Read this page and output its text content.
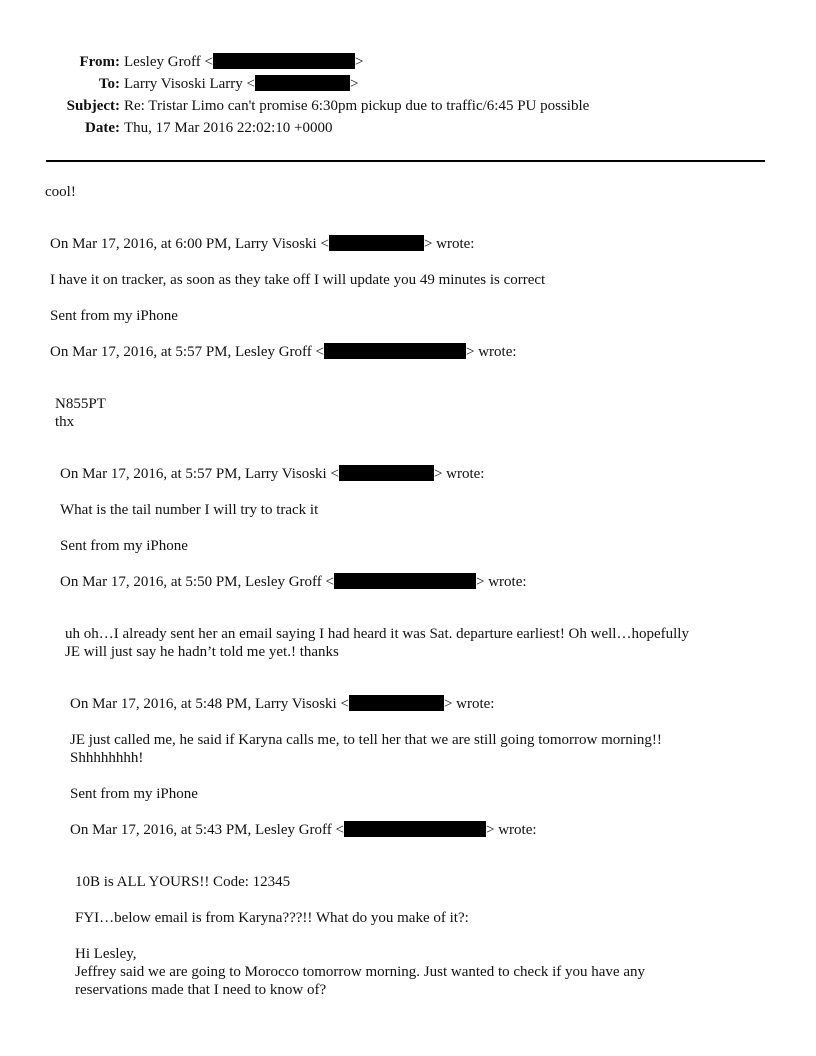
From: Lesley Groff <	>
To: Larry Visoski Larry <	>
Subject: Re: Tristar Limo can't promise 6:30pm pickup due to traffic/6:45 PU possible
Date: Thu, 17 Mar 2016 22:02:10 +0000
cool!
On Mar 17, 2016, at 6:00 PM, Larry Visoski <	> wrote:
I have it on tracker, as soon as they take off I will update you 49 minutes is correct
Sent from my iPhone
On Mar 17, 2016, at 5:57 PM, Lesley Groff <	> wrote:
N855PT
thx
On Mar 17, 2016, at 5:57 PM, Larry Visoski <	> wrote:
What is the tail number I will try to track it
Sent from my iPhone
On Mar 17, 2016, at 5:50 PM, Lesley Groff <	> wrote:
uh oh…I already sent her an email saying I had heard it was Sat. departure earliest! Oh well…hopefully
JE will just say he hadn’t told me yet.! thanks
On Mar 17, 2016, at 5:48 PM, Larry Visoski <	> wrote:
JE just called me, he said if Karyna calls me, to tell her that we are still going tomorrow morning!!
Shhhhhhhh!
Sent from my iPhone
On Mar 17, 2016, at 5:43 PM, Lesley Groff <	> wrote:
10B is ALL YOURS!! Code: 12345
FYI…below email is from Karyna???!! What do you make of it?:
Hi Lesley,
Jeffrey said we are going to Morocco tomorrow morning. Just wanted to check if you have any
reservations made that I need to know of?
